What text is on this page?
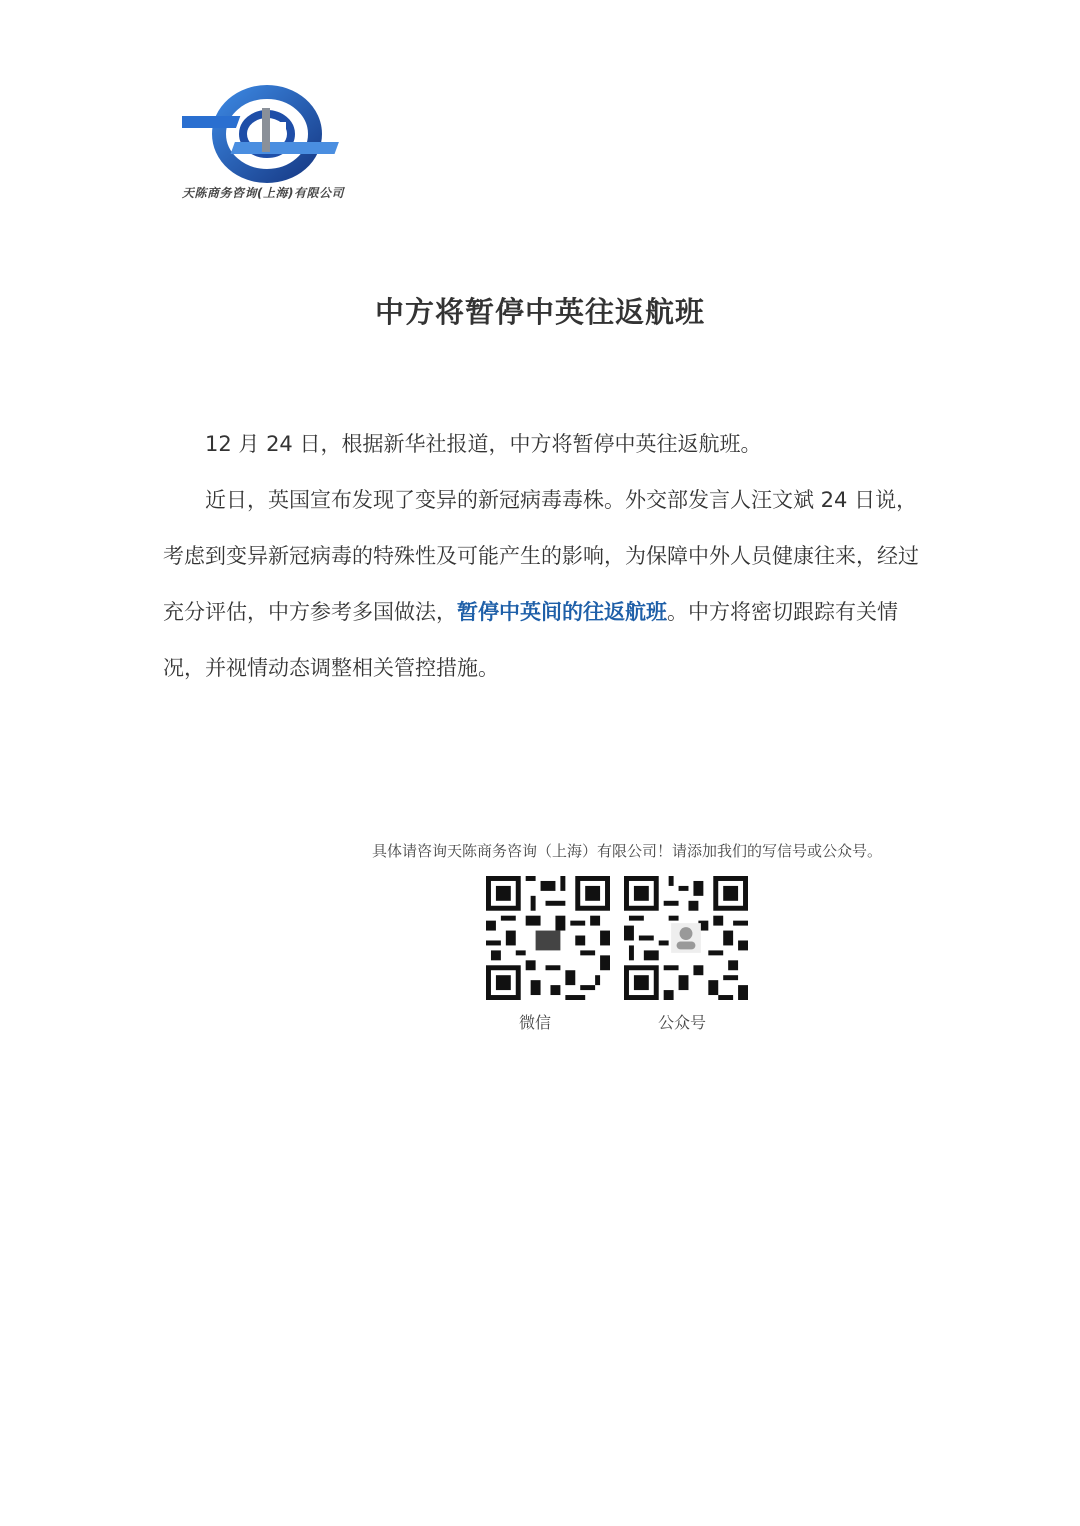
天陈商务咨询(上海)有限公司
中方将暂停中英往返航班

12 月 24 日，根据新华社报道，中方将暂停中英往返航班。

近日，英国宣布发现了变异的新冠病毒毒株。外交部发言人汪文斌 24 日说，考虑到变异新冠病毒的特殊性及可能产生的影响，为保障中外人员健康往来，经过充分评估，中方参考多国做法，暂停中英间的往返航班。中方将密切跟踪有关情况，并视情动态调整相关管控措施。

具体请咨询天陈商务咨询（上海）有限公司！请添加我们的写信号或公众号。
微信	公众号
